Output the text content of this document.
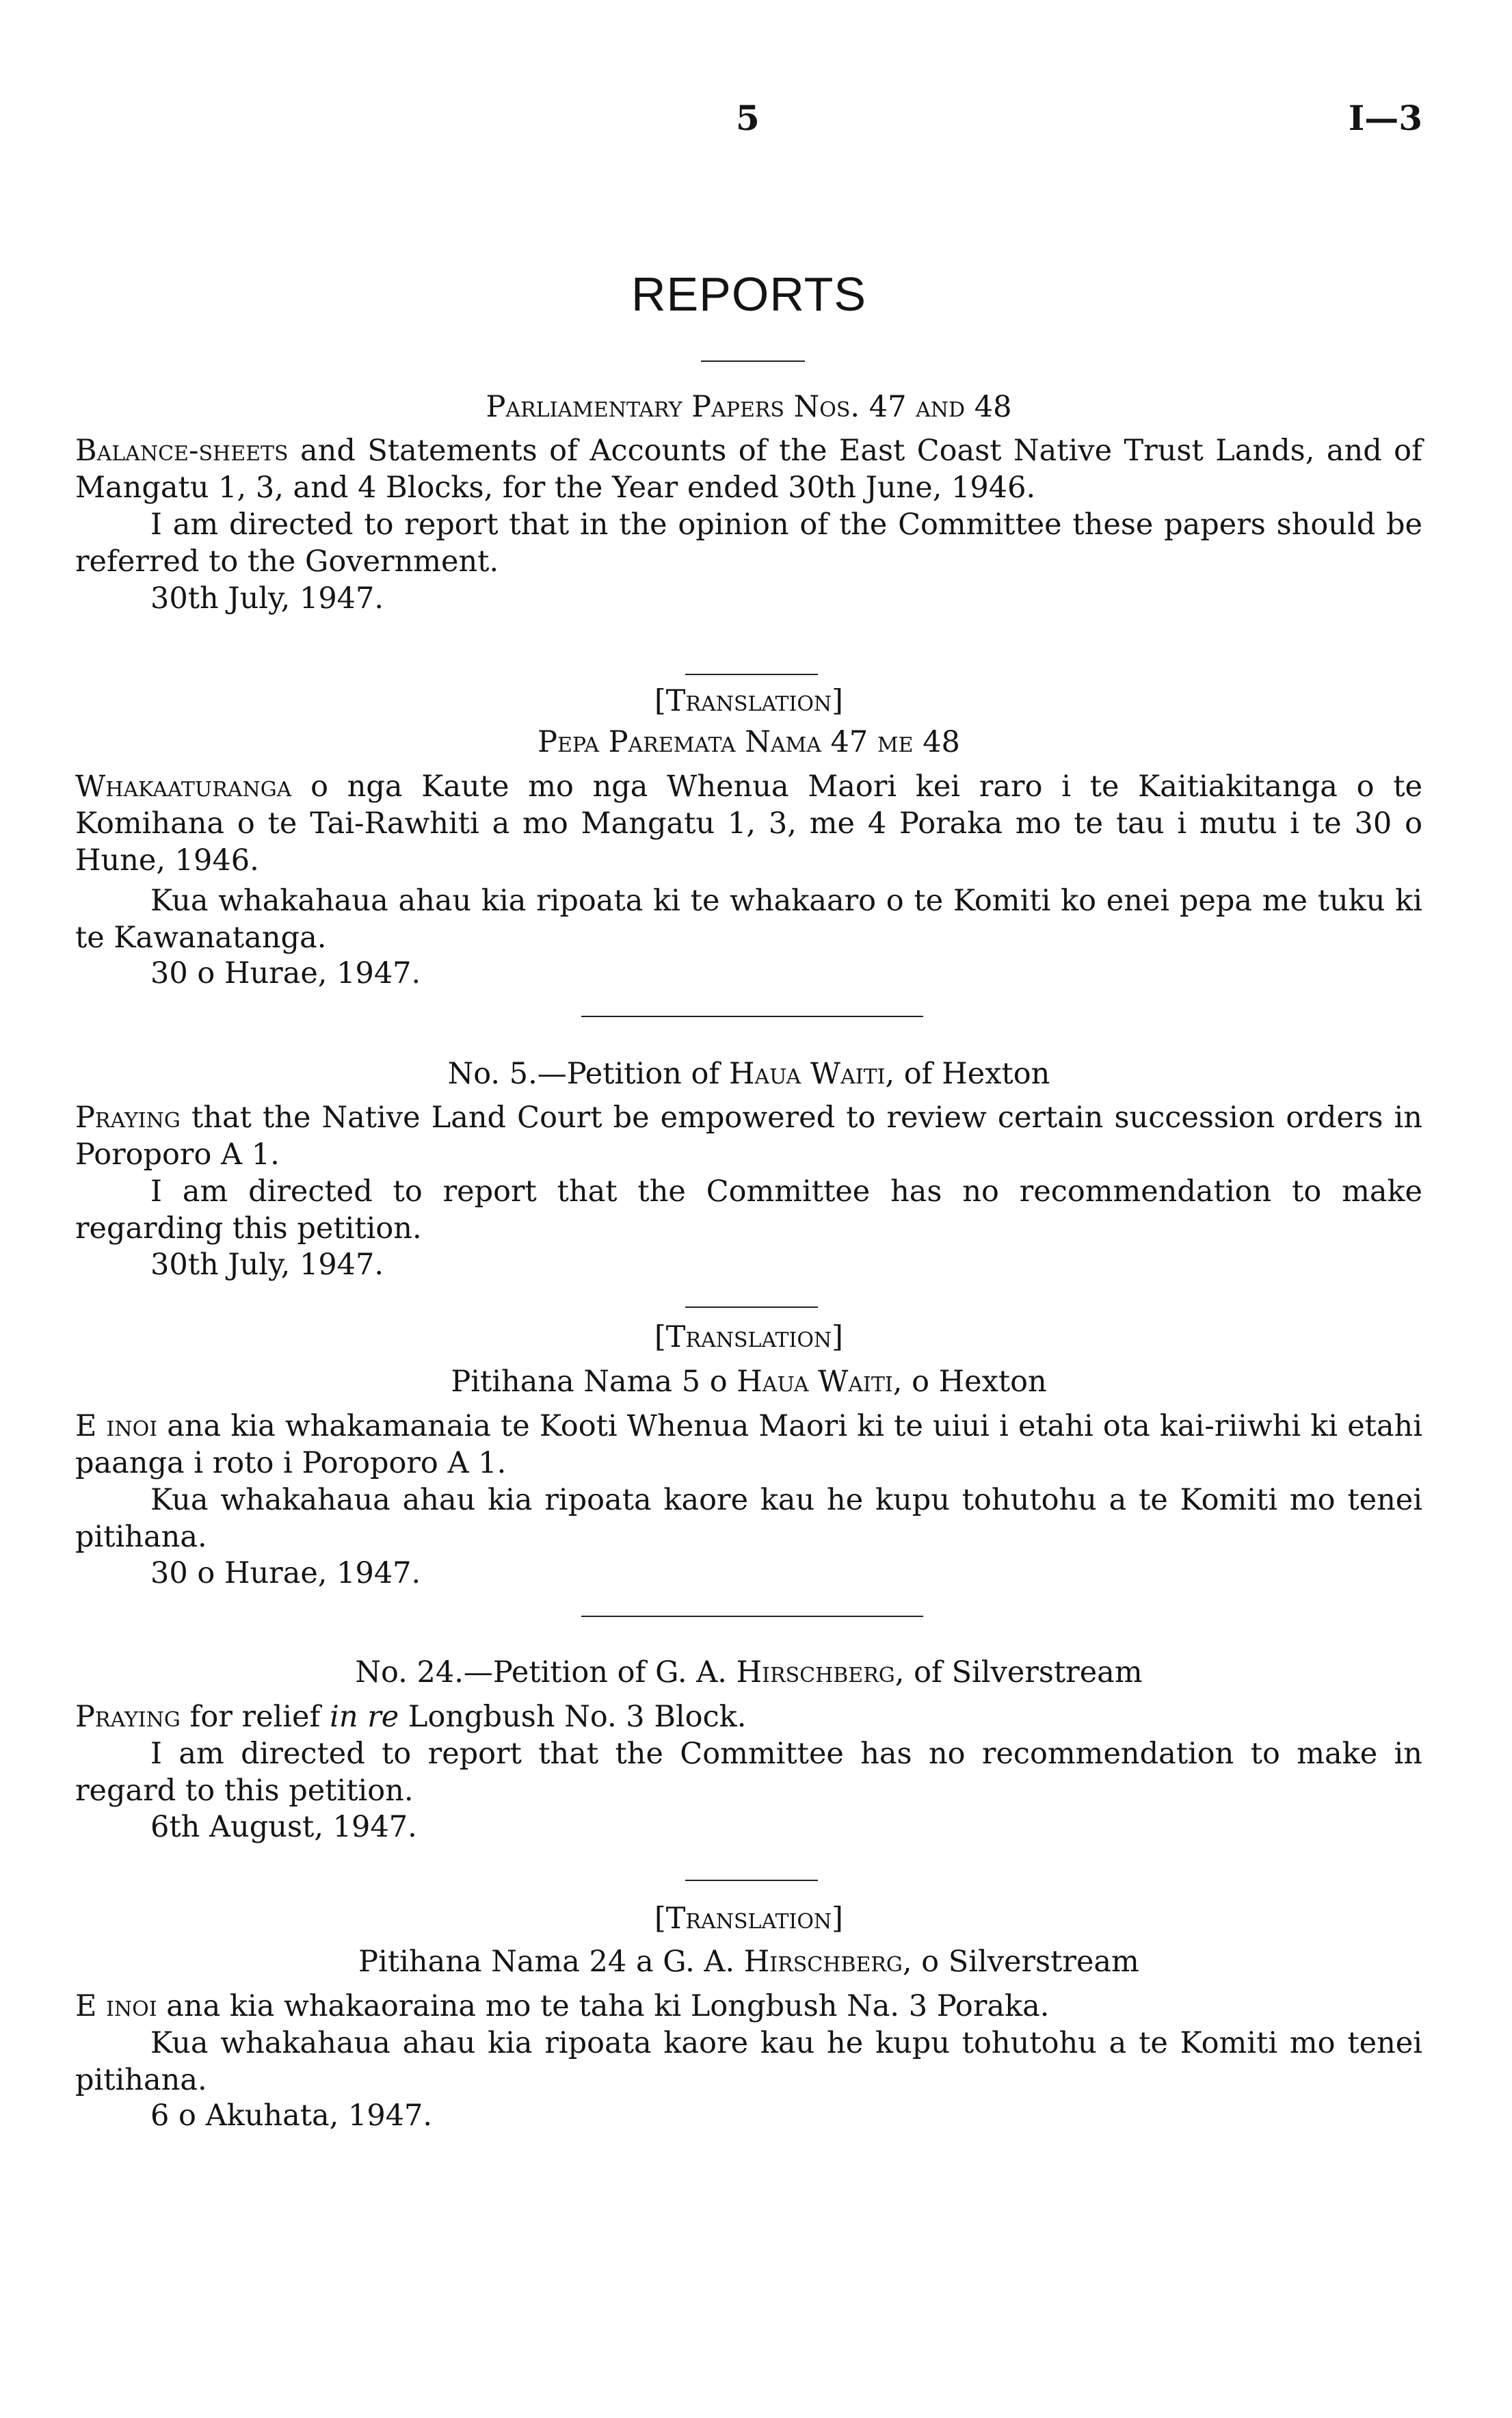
5	I—3
REPORTS
Parliamentary Papers Nos. 47 and 48
Balance-sheets and Statements of Accounts of the East Coast Native Trust Lands, and of Mangatu 1, 3, and 4 Blocks, for the Year ended 30th June, 1946.
I am directed to report that in the opinion of the Committee these papers should be referred to the Government.
30th July, 1947.
[Translation]
Pepa Paremata Nama 47 me 48
Whakaaturanga o nga Kaute mo nga Whenua Maori kei raro i te Kaitiakitanga o te Komihana o te Tai-Rawhiti a mo Mangatu 1, 3, me 4 Poraka mo te tau i mutu i te 30 o Hune, 1946.
Kua whakahaua ahau kia ripoata ki te whakaaro o te Komiti ko enei pepa me tuku ki te Kawanatanga.
30 o Hurae, 1947.
No. 5.—Petition of Haua Waiti, of Hexton
Praying that the Native Land Court be empowered to review certain succession orders in Poroporo A 1.
I am directed to report that the Committee has no recommendation to make regarding this petition.
30th July, 1947.
[Translation]
Pitihana Nama 5 o Haua Waiti, o Hexton
E inoi ana kia whakamanaia te Kooti Whenua Maori ki te uiui i etahi ota kai-riiwhi ki etahi paanga i roto i Poroporo A 1.
Kua whakahaua ahau kia ripoata kaore kau he kupu tohutohu a te Komiti mo tenei pitihana.
30 o Hurae, 1947.
No. 24.—Petition of G. A. Hirschberg, of Silverstream
Praying for relief in re Longbush No. 3 Block.
I am directed to report that the Committee has no recommendation to make in regard to this petition.
6th August, 1947.
[Translation]
Pitihana Nama 24 a G. A. Hirschberg, o Silverstream
E inoi ana kia whakaoraina mo te taha ki Longbush Na. 3 Poraka.
Kua whakahaua ahau kia ripoata kaore kau he kupu tohutohu a te Komiti mo tenei pitihana.
6 o Akuhata, 1947.
